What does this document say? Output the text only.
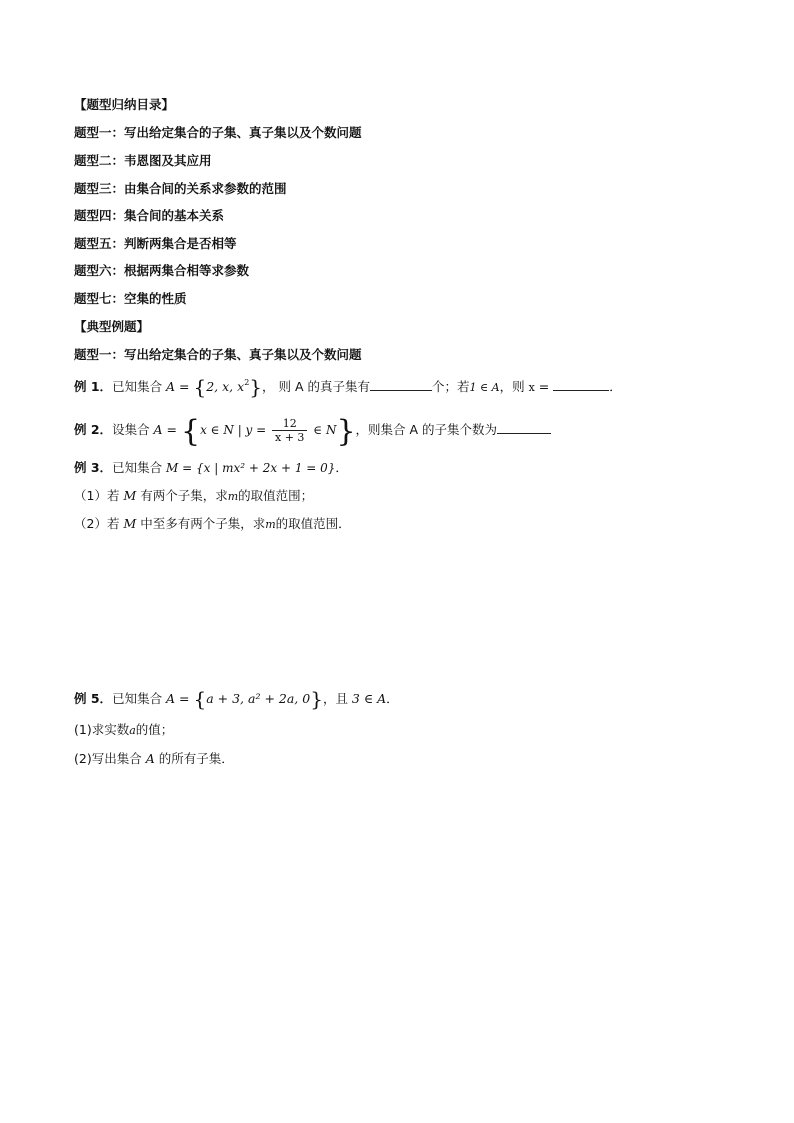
【题型归纳目录】
题型一：写出给定集合的子集、真子集以及个数问题
题型二：韦恩图及其应用
题型三：由集合间的关系求参数的范围
题型四：集合间的基本关系
题型五：判断两集合是否相等
题型六：根据两集合相等求参数
题型七：空集的性质
【典型例题】
题型一：写出给定集合的子集、真子集以及个数问题
例 1．已知集合 A = {2, x, $x^2$}， 则 A 的真子集有	个；若1 ∈ A，则 x =	．
例 2．设集合 A = {x ∈ N | $y = \frac{12}{x + 3}$ ∈ N}，则集合 A 的子集个数为
例 3．已知集合 M = {x | mx² + 2x + 1 = 0}．
（1）若 M 有两个子集，求m的取值范围；
（2）若 M 中至多有两个子集，求m的取值范围．
例 5．已知集合 A = {a + 3, a² + 2a, 0}，且 3 ∈ A．
(1)求实数a的值；
(2)写出集合 A 的所有子集．
